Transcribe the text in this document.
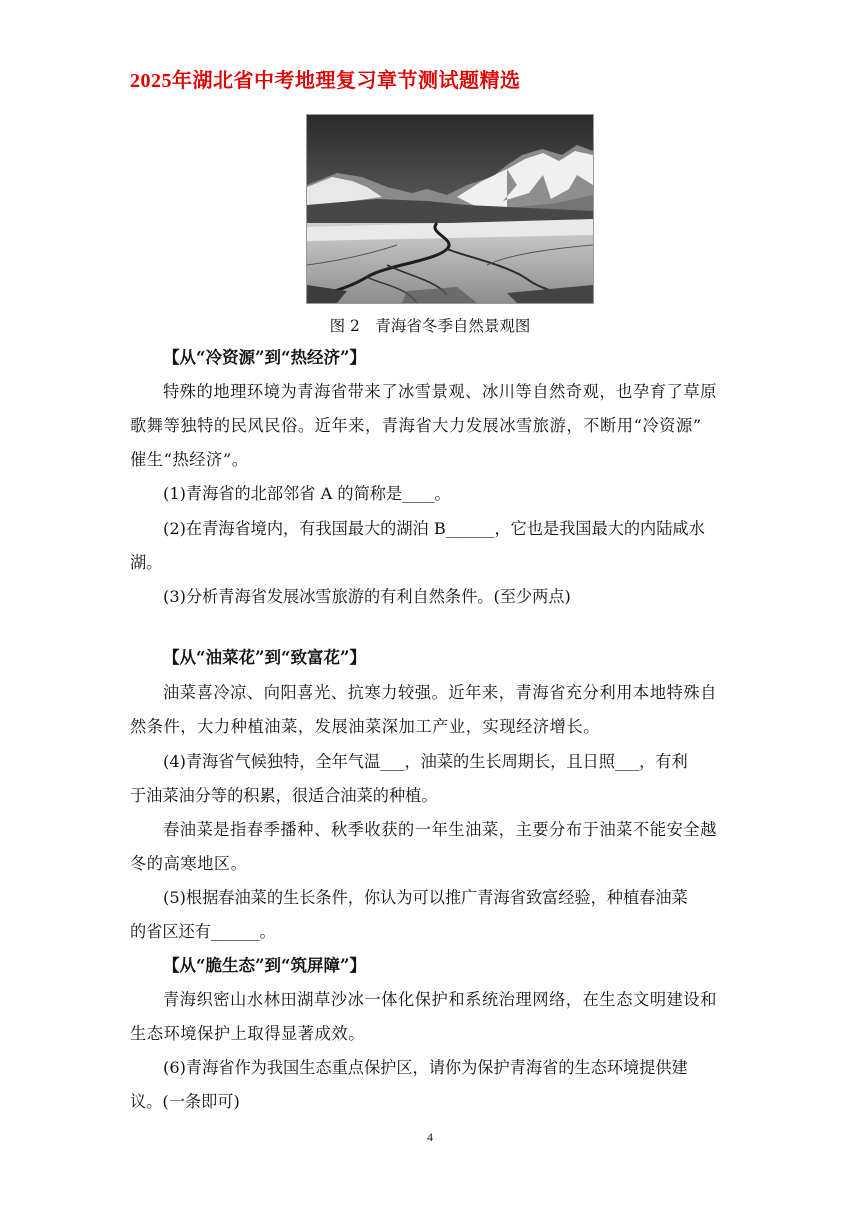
2025年湖北省中考地理复习章节测试题精选
图 2　青海省冬季自然景观图
【从“冷资源”到“热经济”】
特殊的地理环境为青海省带来了冰雪景观、冰川等自然奇观，也孕育了草原
歌舞等独特的民风民俗。近年来，青海省大力发展冰雪旅游，不断用“冷资源”
催生“热经济”。
(1)青海省的北部邻省 A 的简称是____。
(2)在青海省境内，有我国最大的湖泊 B______，它也是我国最大的内陆咸水
湖。
(3)分析青海省发展冰雪旅游的有利自然条件。(至少两点)
【从“油菜花”到“致富花”】
油菜喜冷凉、向阳喜光、抗寒力较强。近年来，青海省充分利用本地特殊自
然条件，大力种植油菜，发展油菜深加工产业，实现经济增长。
(4)青海省气候独特，全年气温___，油菜的生长周期长，且日照___，有利
于油菜油分等的积累，很适合油菜的种植。
春油菜是指春季播种、秋季收获的一年生油菜，主要分布于油菜不能安全越
冬的高寒地区。
(5)根据春油菜的生长条件，你认为可以推广青海省致富经验，种植春油菜
的省区还有______。
【从“脆生态”到“筑屏障”】
青海织密山水林田湖草沙冰一体化保护和系统治理网络，在生态文明建设和
生态环境保护上取得显著成效。
(6)青海省作为我国生态重点保护区，请你为保护青海省的生态环境提供建
议。(一条即可)
4
